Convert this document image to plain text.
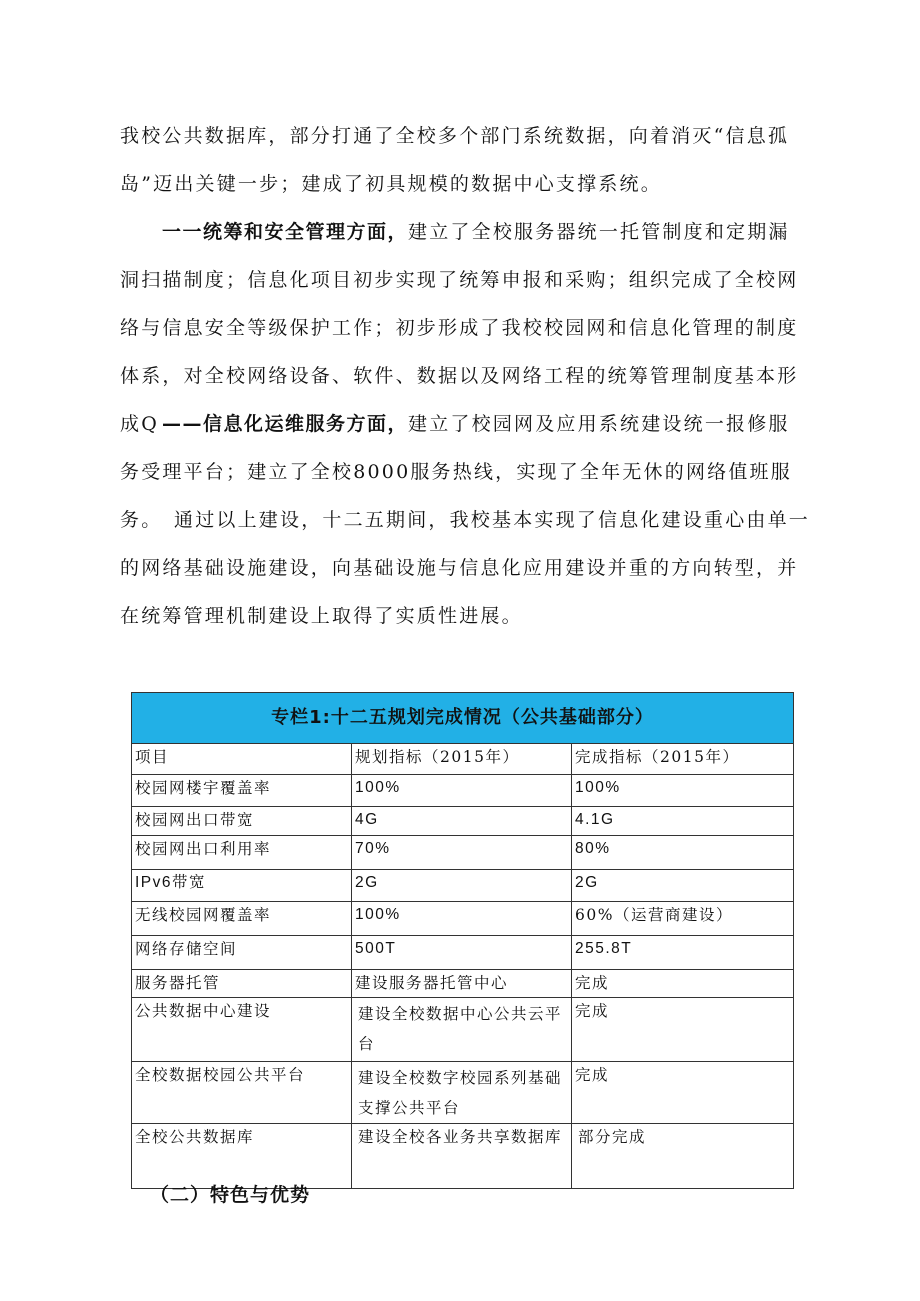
我校公共数据库，部分打通了全校多个部门系统数据，向着消灭“信息孤岛”迈出关键一步；建成了初具规模的数据中心支撑系统。

一一统筹和安全管理方面，建立了全校服务器统一托管制度和定期漏洞扫描制度；信息化项目初步实现了统筹申报和采购；组织完成了全校网络与信息安全等级保护工作；初步形成了我校校园网和信息化管理的制度体系，对全校网络设备、软件、数据以及网络工程的统筹管理制度基本形成Q ——信息化运维服务方面，建立了校园网及应用系统建设统一报修服务受理平台；建立了全校8000服务热线，实现了全年无休的网络值班服务。 通过以上建设，十二五期间，我校基本实现了信息化建设重心由单一的网络基础设施建设，向基础设施与信息化应用建设并重的方向转型，并在统筹管理机制建设上取得了实质性进展。

专栏1:十二五规划完成情况（公共基础部分）		
项目	规划指标（2015年）	完成指标（2015年）
校园网楼宇覆盖率	100%	100%
校园网出口带宽	4G	4.1G
校园网出口利用率	70%	80%
IPv6带宽	2G	2G
无线校园网覆盖率	100%	60%（运营商建设）
网络存储空间	500T	255.8T
服务器托管	建设服务器托管中心	完成
公共数据中心建设	建设全校数据中心公共云平台	完成
全校数据校园公共平台	建设全校数字校园系列基础支撑公共平台	完成
全校公共数据库	建设全校各业务共享数据库	部分完成
（二）特色与优势
